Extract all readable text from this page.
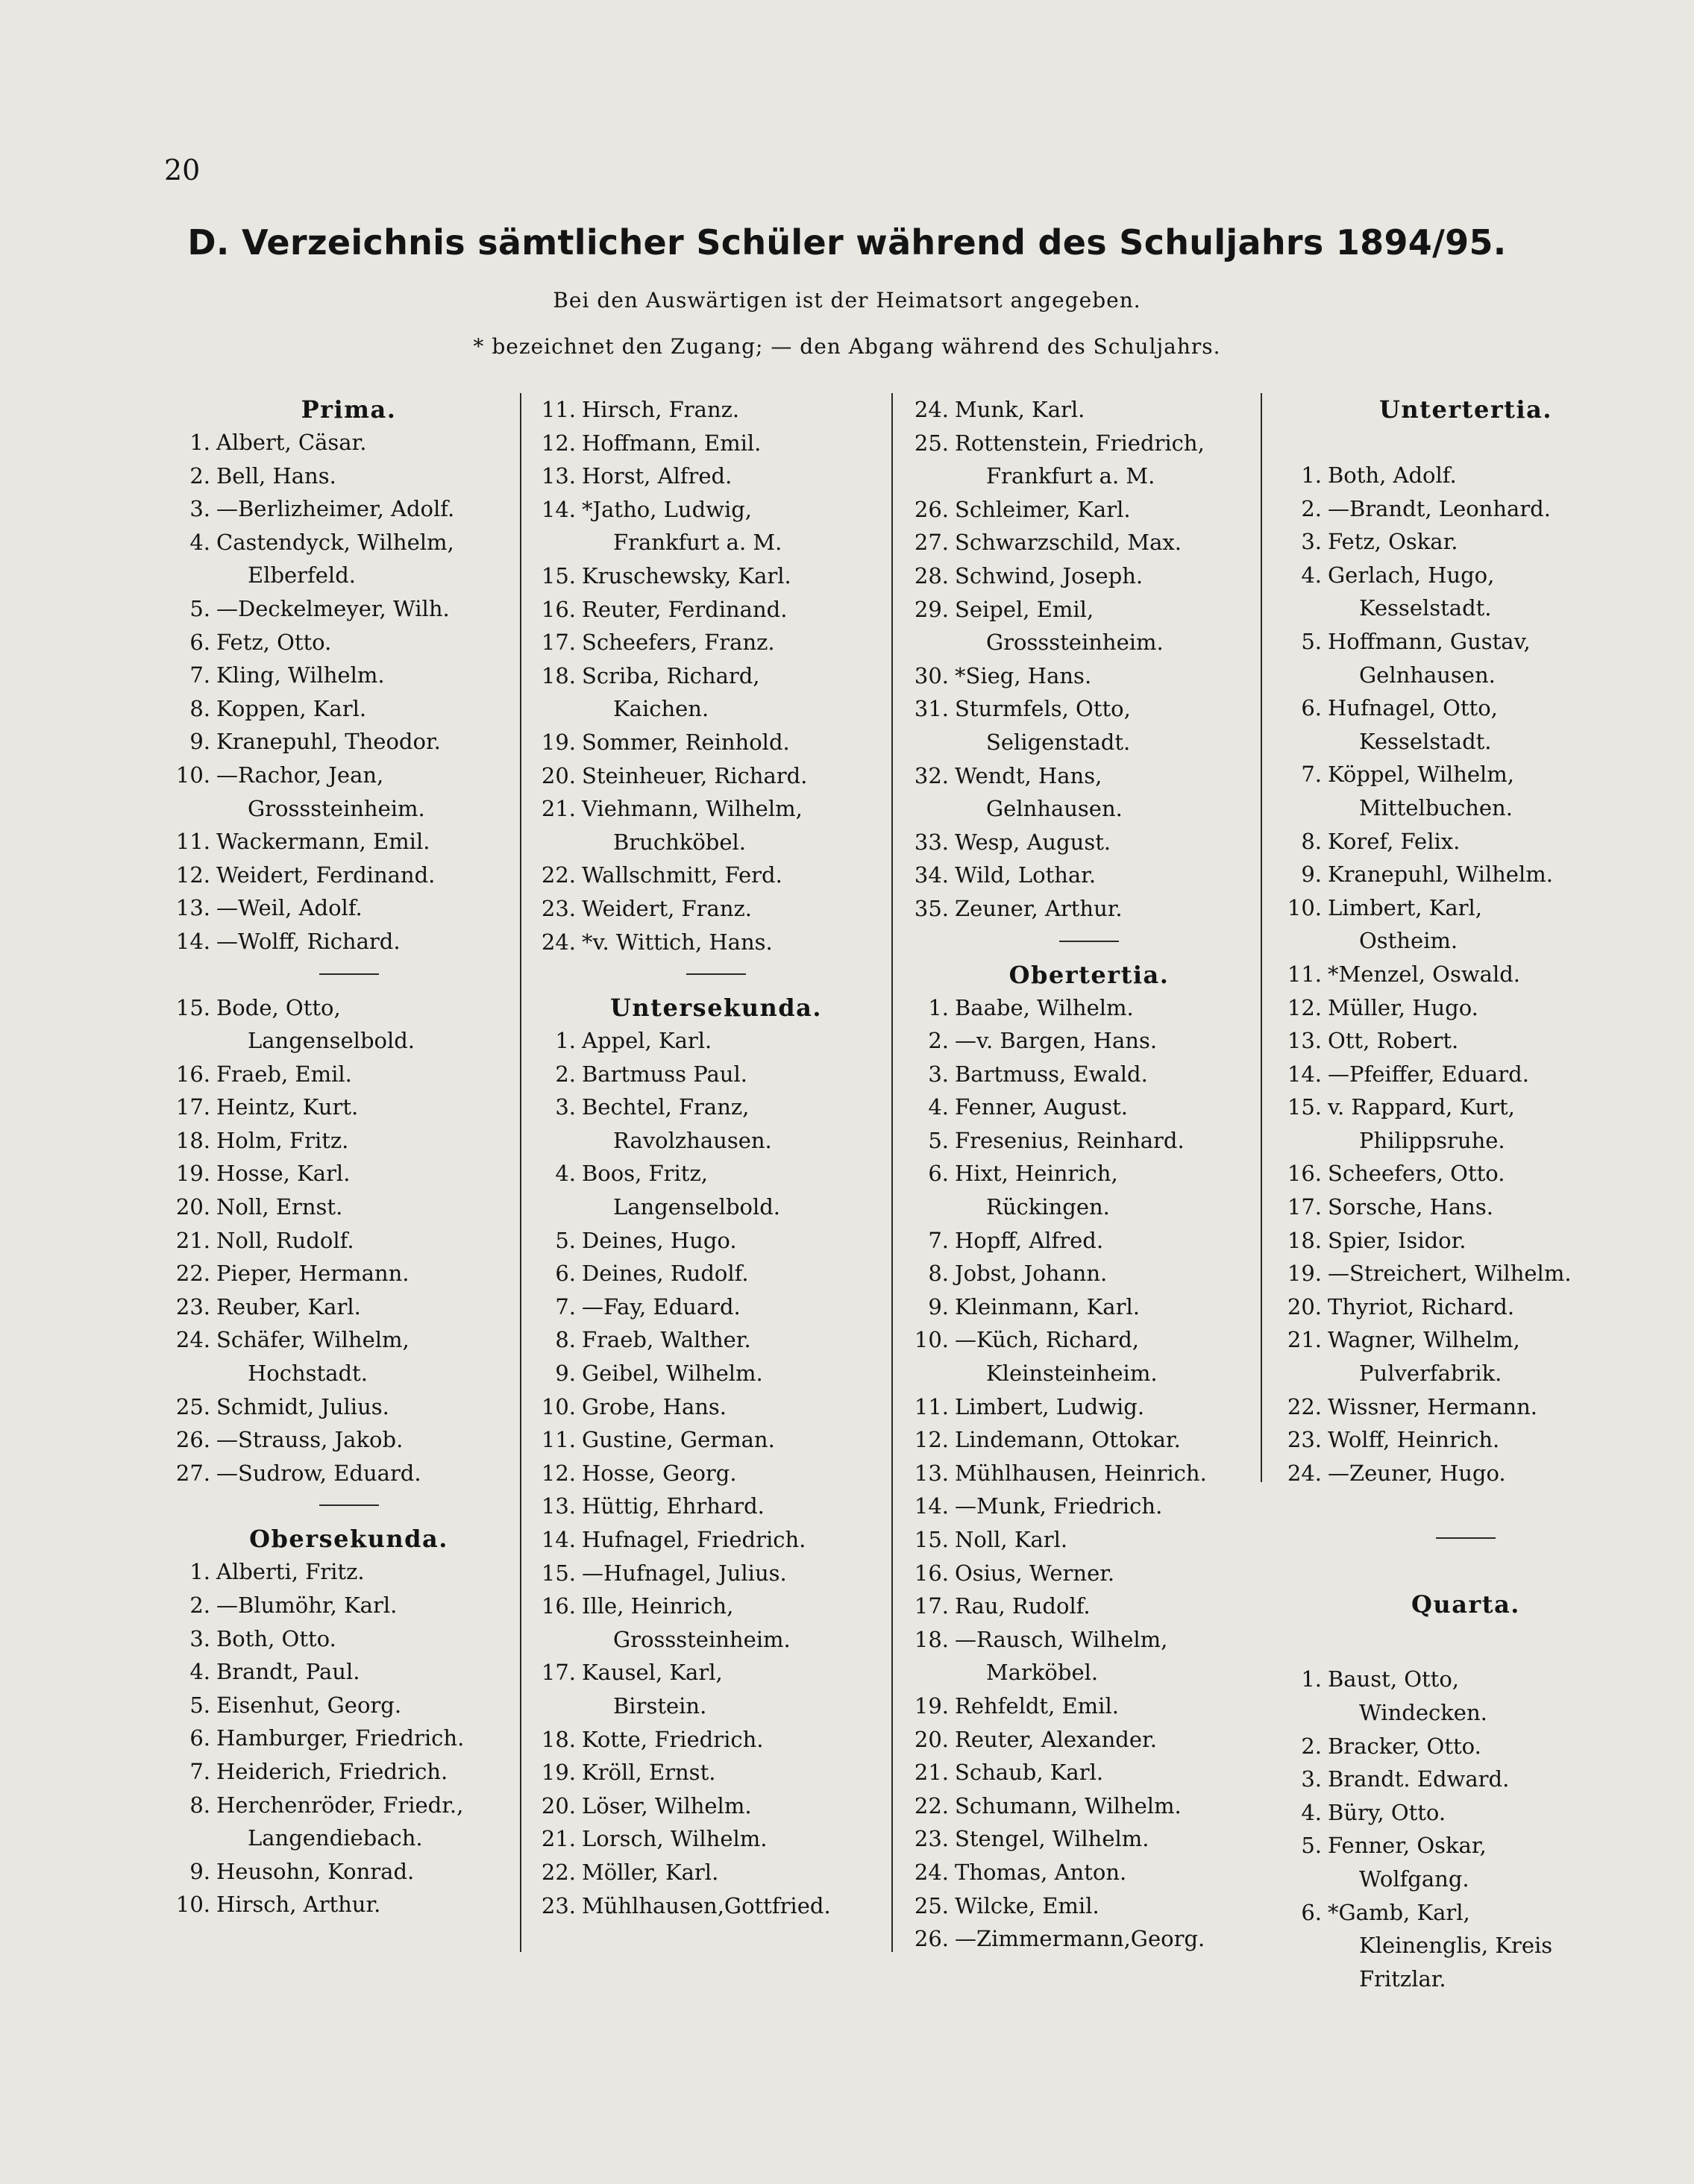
20
D. Verzeichnis sämtlicher Schüler während des Schuljahrs 1894/95.
Bei den Auswärtigen ist der Heimatsort angegeben.
* bezeichnet den Zugang; — den Abgang während des Schuljahrs.
Prima.
1. Albert, Cäsar.
2. Bell, Hans.
3. —Berlizheimer, Adolf.
4. Castendyck, Wilhelm,
Elberfeld.
5. —Deckelmeyer, Wilh.
6. Fetz, Otto.
7. Kling, Wilhelm.
8. Koppen, Karl.
9. Kranepuhl, Theodor.
10. —Rachor, Jean,
Grosssteinheim.
11. Wackermann, Emil.
12. Weidert, Ferdinand.
13. —Weil, Adolf.
14. —Wolff, Richard.
15. Bode, Otto,
Langenselbold.
16. Fraeb, Emil.
17. Heintz, Kurt.
18. Holm, Fritz.
19. Hosse, Karl.
20. Noll, Ernst.
21. Noll, Rudolf.
22. Pieper, Hermann.
23. Reuber, Karl.
24. Schäfer, Wilhelm,
Hochstadt.
25. Schmidt, Julius.
26. —Strauss, Jakob.
27. —Sudrow, Eduard.
Obersekunda.
1. Alberti, Fritz.
2. —Blumöhr, Karl.
3. Both, Otto.
4. Brandt, Paul.
5. Eisenhut, Georg.
6. Hamburger, Friedrich.
7. Heiderich, Friedrich.
8. Herchenröder, Friedr.,
Langendiebach.
9. Heusohn, Konrad.
10. Hirsch, Arthur.
11. Hirsch, Franz.
12. Hoffmann, Emil.
13. Horst, Alfred.
14. *Jatho, Ludwig,
Frankfurt a. M.
15. Kruschewsky, Karl.
16. Reuter, Ferdinand.
17. Scheefers, Franz.
18. Scriba, Richard,
Kaichen.
19. Sommer, Reinhold.
20. Steinheuer, Richard.
21. Viehmann, Wilhelm,
Bruchköbel.
22. Wallschmitt, Ferd.
23. Weidert, Franz.
24. *v. Wittich, Hans.
Untersekunda.
1. Appel, Karl.
2. Bartmuss Paul.
3. Bechtel, Franz,
Ravolzhausen.
4. Boos, Fritz,
Langenselbold.
5. Deines, Hugo.
6. Deines, Rudolf.
7. —Fay, Eduard.
8. Fraeb, Walther.
9. Geibel, Wilhelm.
10. Grobe, Hans.
11. Gustine, German.
12. Hosse, Georg.
13. Hüttig, Ehrhard.
14. Hufnagel, Friedrich.
15. —Hufnagel, Julius.
16. Ille, Heinrich,
Grosssteinheim.
17. Kausel, Karl,
Birstein.
18. Kotte, Friedrich.
19. Kröll, Ernst.
20. Löser, Wilhelm.
21. Lorsch, Wilhelm.
22. Möller, Karl.
23. Mühlhausen,Gottfried.
24. Munk, Karl.
25. Rottenstein, Friedrich,
Frankfurt a. M.
26. Schleimer, Karl.
27. Schwarzschild, Max.
28. Schwind, Joseph.
29. Seipel, Emil,
Grosssteinheim.
30. *Sieg, Hans.
31. Sturmfels, Otto,
Seligenstadt.
32. Wendt, Hans,
Gelnhausen.
33. Wesp, August.
34. Wild, Lothar.
35. Zeuner, Arthur.
Obertertia.
1. Baabe, Wilhelm.
2. —v. Bargen, Hans.
3. Bartmuss, Ewald.
4. Fenner, August.
5. Fresenius, Reinhard.
6. Hixt, Heinrich,
Rückingen.
7. Hopff, Alfred.
8. Jobst, Johann.
9. Kleinmann, Karl.
10. —Küch, Richard,
Kleinsteinheim.
11. Limbert, Ludwig.
12. Lindemann, Ottokar.
13. Mühlhausen, Heinrich.
14. —Munk, Friedrich.
15. Noll, Karl.
16. Osius, Werner.
17. Rau, Rudolf.
18. —Rausch, Wilhelm,
Marköbel.
19. Rehfeldt, Emil.
20. Reuter, Alexander.
21. Schaub, Karl.
22. Schumann, Wilhelm.
23. Stengel, Wilhelm.
24. Thomas, Anton.
25. Wilcke, Emil.
26. —Zimmermann,Georg.
Untertertia.
1. Both, Adolf.
2. —Brandt, Leonhard.
3. Fetz, Oskar.
4. Gerlach, Hugo,
Kesselstadt.
5. Hoffmann, Gustav,
Gelnhausen.
6. Hufnagel, Otto,
Kesselstadt.
7. Köppel, Wilhelm,
Mittelbuchen.
8. Koref, Felix.
9. Kranepuhl, Wilhelm.
10. Limbert, Karl,
Ostheim.
11. *Menzel, Oswald.
12. Müller, Hugo.
13. Ott, Robert.
14. —Pfeiffer, Eduard.
15. v. Rappard, Kurt,
Philippsruhe.
16. Scheefers, Otto.
17. Sorsche, Hans.
18. Spier, Isidor.
19. —Streichert, Wilhelm.
20. Thyriot, Richard.
21. Wagner, Wilhelm,
Pulverfabrik.
22. Wissner, Hermann.
23. Wolff, Heinrich.
24. —Zeuner, Hugo.
Quarta.
1. Baust, Otto,
Windecken.
2. Bracker, Otto.
3. Brandt. Edward.
4. Büry, Otto.
5. Fenner, Oskar,
Wolfgang.
6. *Gamb, Karl,
Kleinenglis, Kreis
Fritzlar.
